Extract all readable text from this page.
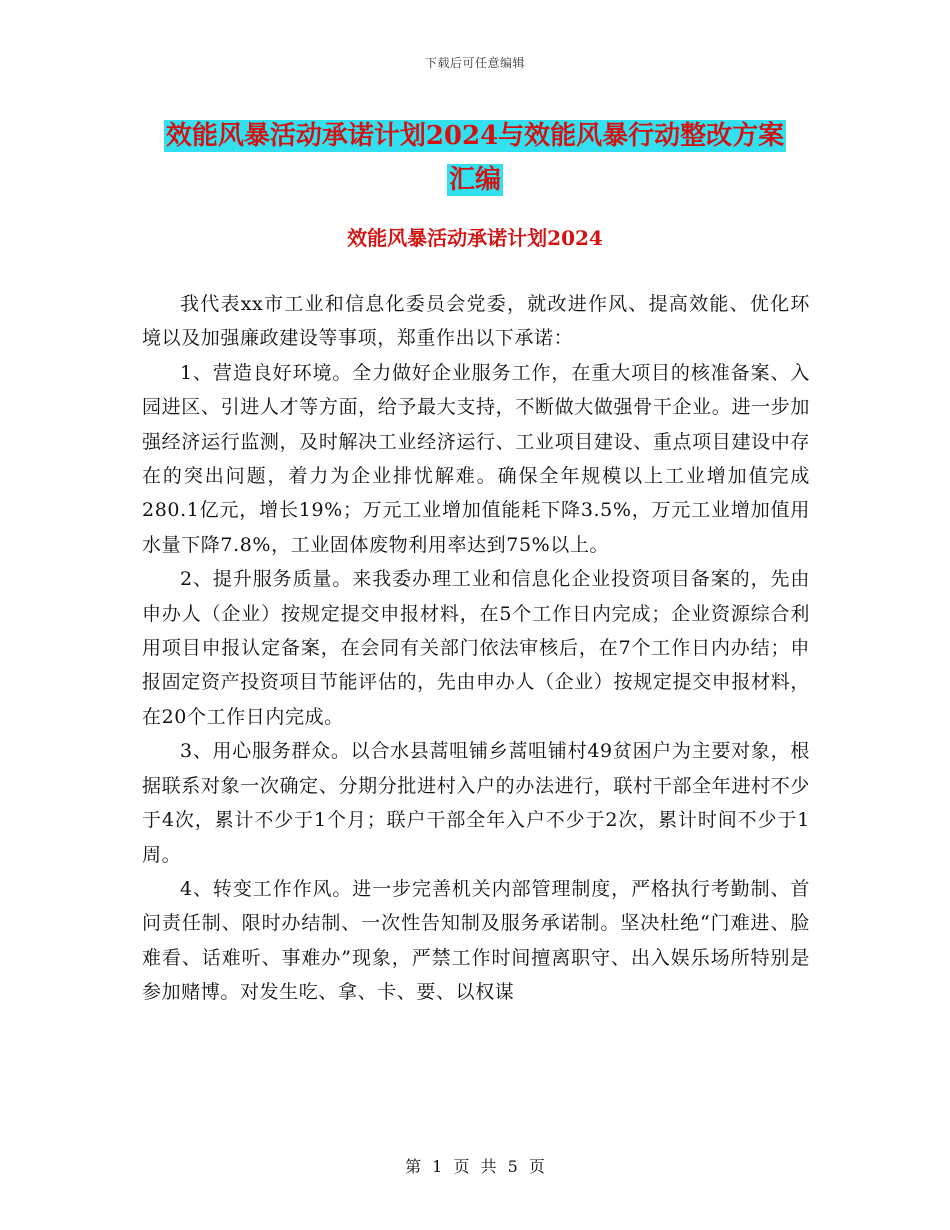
下载后可任意编辑
效能风暴活动承诺计划2024与效能风暴行动整改方案
汇编
效能风暴活动承诺计划2024

我代表xx市工业和信息化委员会党委，就改进作风、提高效能、优化环境以及加强廉政建设等事项，郑重作出以下承诺：

1、营造良好环境。全力做好企业服务工作，在重大项目的核准备案、入园进区、引进人才等方面，给予最大支持，不断做大做强骨干企业。进一步加强经济运行监测，及时解决工业经济运行、工业项目建设、重点项目建设中存在的突出问题，着力为企业排忧解难。确保全年规模以上工业增加值完成280.1亿元，增长19%；万元工业增加值能耗下降3.5%，万元工业增加值用水量下降7.8%，工业固体废物利用率达到75%以上。

2、提升服务质量。来我委办理工业和信息化企业投资项目备案的，先由申办人（企业）按规定提交申报材料，在5个工作日内完成；企业资源综合利用项目申报认定备案，在会同有关部门依法审核后，在7个工作日内办结；申报固定资产投资项目节能评估的，先由申办人（企业）按规定提交申报材料，在20个工作日内完成。

3、用心服务群众。以合水县蒿咀铺乡蒿咀铺村49贫困户为主要对象，根据联系对象一次确定、分期分批进村入户的办法进行，联村干部全年进村不少于4次，累计不少于1个月；联户干部全年入户不少于2次，累计时间不少于1周。

4、转变工作作风。进一步完善机关内部管理制度，严格执行考勤制、首问责任制、限时办结制、一次性告知制及服务承诺制。坚决杜绝“门难进、脸难看、话难听、事难办”现象，严禁工作时间擅离职守、出入娱乐场所特别是参加赌博。对发生吃、拿、卡、要、以权谋

第 1 页 共 5 页
